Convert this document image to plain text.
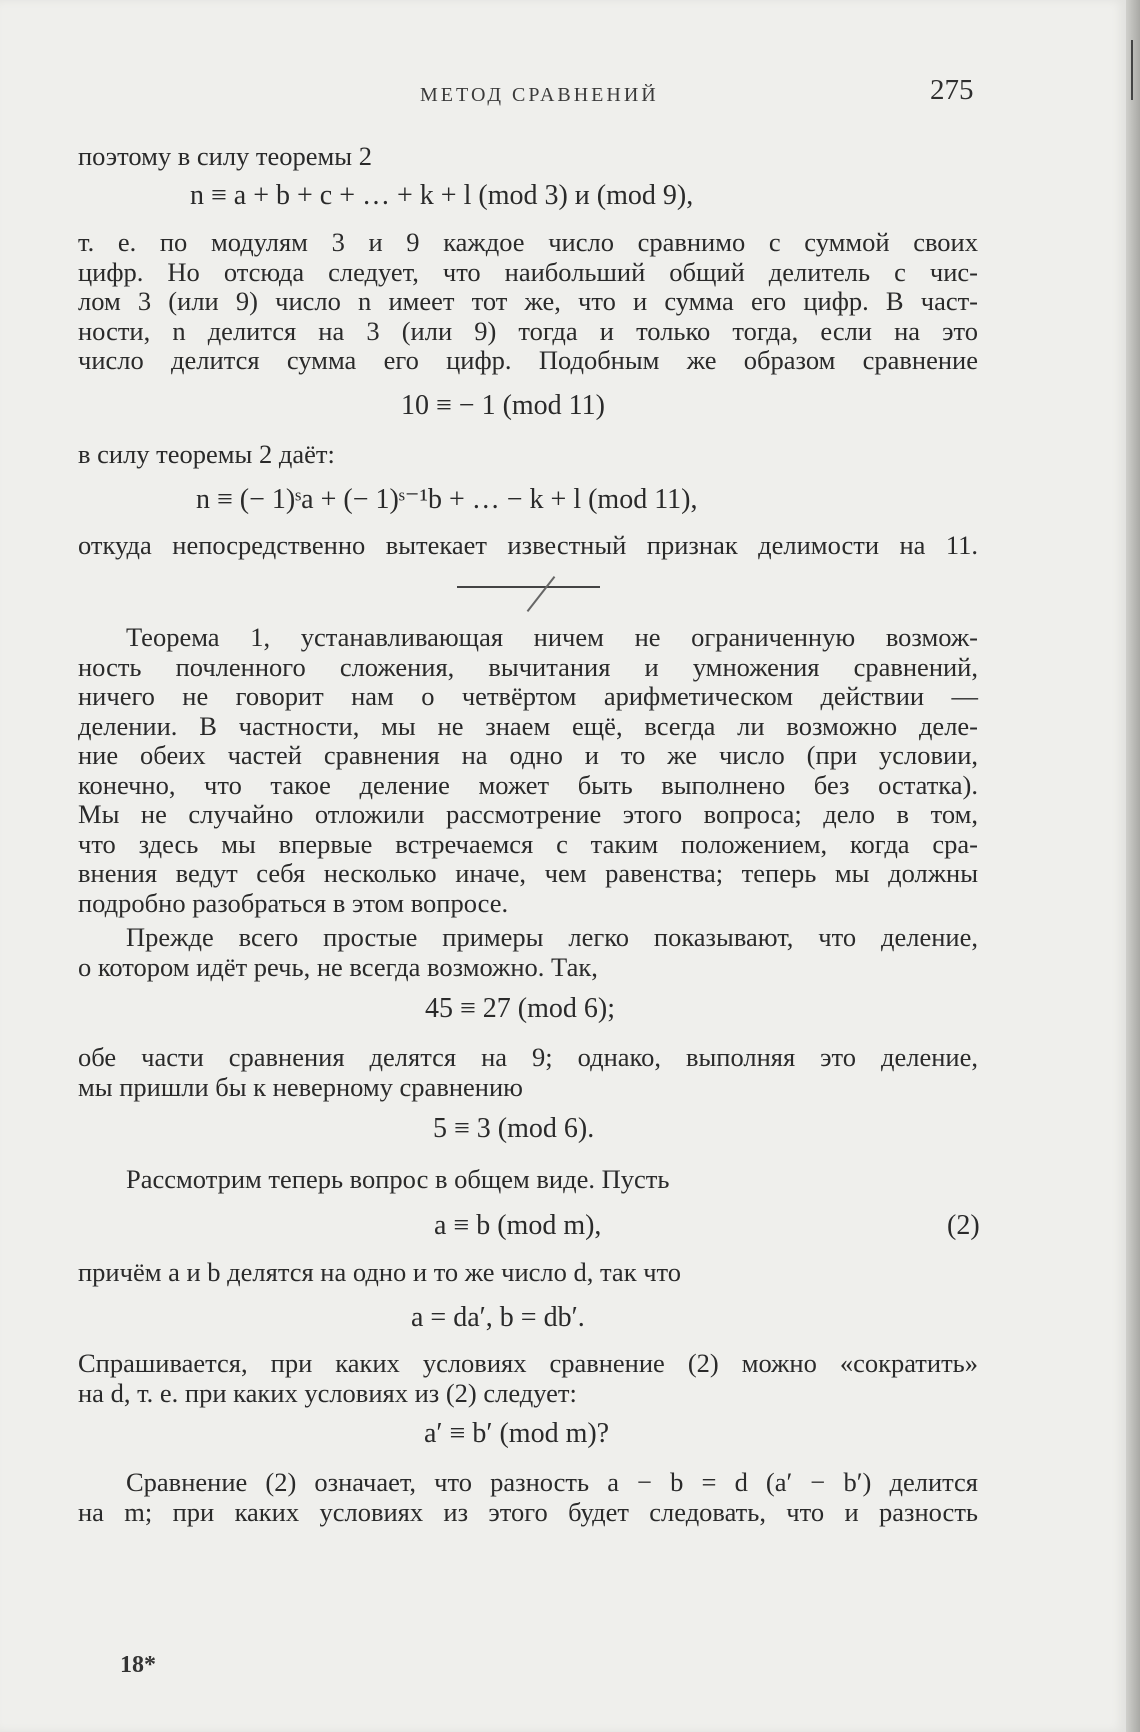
МЕТОД СРАВНЕНИЙ	275
поэтому в силу теоремы 2
n ≡ a + b + c + … + k + l (mod 3) и (mod 9),
т. е. по модулям 3 и 9 каждое число сравнимо с суммой своих
цифр. Но отсюда следует, что наибольший общий делитель с чис-
лом 3 (или 9) число n имеет тот же, что и сумма его цифр. В част-
ности, n делится на 3 (или 9) тогда и только тогда, если на это
число делится сумма его цифр. Подобным же образом сравнение
10 ≡ − 1 (mod 11)
в силу теоремы 2 даёт:
n ≡ (− 1)ˢa + (− 1)ˢ⁻¹b + … − k + l (mod 11),
откуда непосредственно вытекает известный признак делимости на 11.
Теорема 1, устанавливающая ничем не ограниченную возмож-
ность почленного сложения, вычитания и умножения сравнений,
ничего не говорит нам о четвёртом арифметическом действии —
делении. В частности, мы не знаем ещё, всегда ли возможно деле-
ние обеих частей сравнения на одно и то же число (при условии,
конечно, что такое деление может быть выполнено без остатка).
Мы не случайно отложили рассмотрение этого вопроса; дело в том,
что здесь мы впервые встречаемся с таким положением, когда сра-
внения ведут себя несколько иначе, чем равенства; теперь мы должны
подробно разобраться в этом вопросе.
Прежде всего простые примеры легко показывают, что деление,
о котором идёт речь, не всегда возможно. Так,
45 ≡ 27 (mod 6);
обе части сравнения делятся на 9; однако, выполняя это деление,
мы пришли бы к неверному сравнению
5 ≡ 3 (mod 6).
Рассмотрим теперь вопрос в общем виде. Пусть
a ≡ b (mod m),	(2)
причём a и b делятся на одно и то же число d, так что
a = da′, b = db′.
Спрашивается, при каких условиях сравнение (2) можно «сократить»
на d, т. е. при каких условиях из (2) следует:
a′ ≡ b′ (mod m)?
Сравнение (2) означает, что разность a − b = d (a′ − b′) делится
на m; при каких условиях из этого будет следовать, что и разность
18*
